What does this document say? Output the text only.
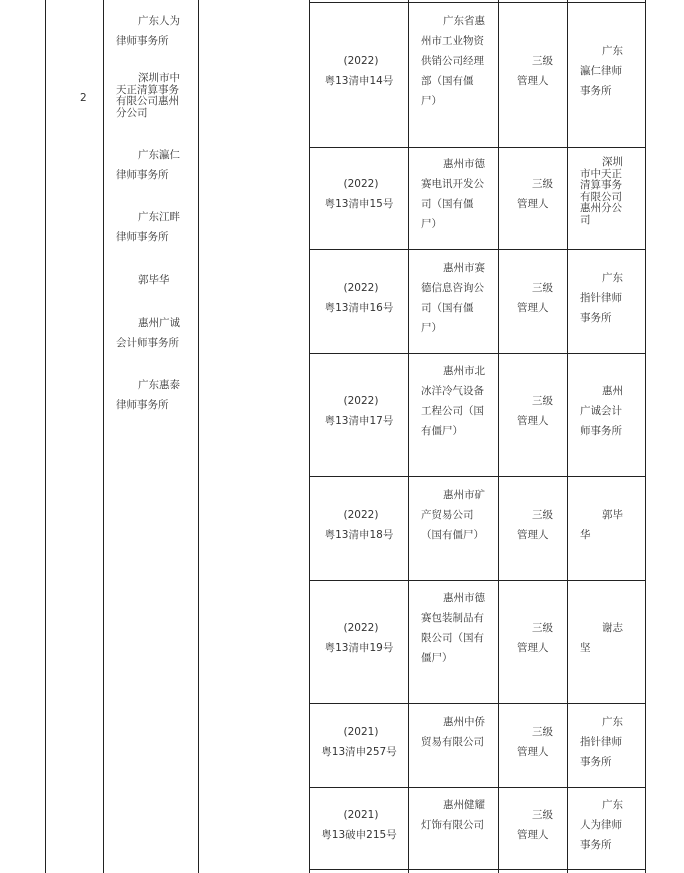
2
广东人为律师事务所
深圳市中天正清算事务有限公司惠州分公司
广东瀛仁律师事务所
广东江畔律师事务所
郭毕华
惠州广诚会计师事务所
广东惠泰律师事务所
(2022)
粤13清申14号
广东省惠州市工业物资供销公司经理部（国有僵尸）
三级
管理人
广东瀛仁律师事务所
(2022)
粤13清申15号
惠州市德赛电讯开发公司（国有僵尸）
三级
管理人
深圳市中天正清算事务有限公司惠州分公司
(2022)
粤13清申16号
惠州市赛德信息咨询公司（国有僵尸）
三级
管理人
广东指针律师事务所
(2022)
粤13清申17号
惠州市北冰洋冷气设备工程公司（国有僵尸）
三级
管理人
惠州广诚会计师事务所
(2022)
粤13清申18号
惠州市矿产贸易公司（国有僵尸）
三级
管理人
郭毕华
(2022)
粤13清申19号
惠州市德赛包装制品有限公司（国有僵尸）
三级
管理人
谢志坚
(2021)
粤13清申257号
惠州中侨贸易有限公司
三级
管理人
广东指针律师事务所
(2021)
粤13破申215号
惠州健耀灯饰有限公司
三级
管理人
广东人为律师事务所
